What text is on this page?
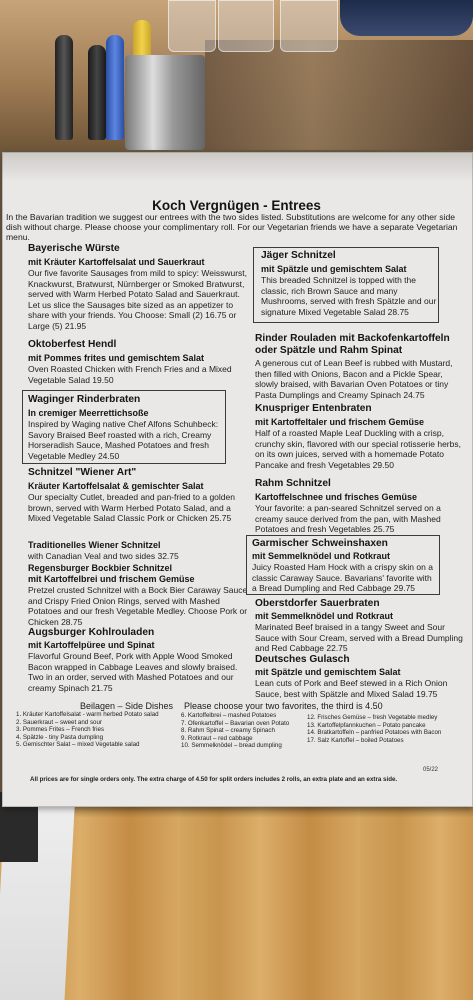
Koch Vergnügen - Entrees
In the Bavarian tradition we suggest our entrees with the two sides listed. Substitutions are welcome for any other side dish without charge. Please choose your complimentary roll. For our Vegetarian friends we have a separate Vegetarian menu.
Bayerische Würste
mit Kräuter Kartoffelsalat und Sauerkraut
Our five favorite Sausages from mild to spicy: Weisswurst, Knackwurst, Bratwurst, Nürnberger or Smoked Bratwurst, served with Warm Herbed Potato Salad and Sauerkraut. Let us slice the Sausages bite sized as an appetizer to share with your friends. You Choose: Small (2) 16.75 or Large (5) 21.95
Oktoberfest Hendl
mit Pommes frites und gemischtem Salat
Oven Roasted Chicken with French Fries and a Mixed Vegetable Salad 19.50
Waginger Rinderbraten
In cremiger Meerrettichsoße
Inspired by Waging native Chef Alfons Schuhbeck: Savory Braised Beef roasted with a rich, Creamy Horseradish Sauce, Mashed Potatoes and fresh Vegetable Medley 24.50
Schnitzel "Wiener Art"
Kräuter Kartoffelsalat & gemischter Salat
Our specialty Cutlet, breaded and pan-fried to a golden brown, served with Warm Herbed Potato Salad, and a Mixed Vegetable Salad Classic Pork or Chicken 25.75
Traditionelles Wiener Schnitzel
with Canadian Veal and two sides 32.75
Regensburger Bockbier Schnitzel
mit Kartoffelbrei und frischem Gemüse
Pretzel crusted Schnitzel with a Bock Bier Caraway Sauce and Crispy Fried Onion Rings, served with Mashed Potatoes and our fresh Vegetable Medley. Choose Pork or Chicken 28.75
Augsburger Kohlrouladen
mit Kartoffelpüree und Spinat
Flavorful Ground Beef, Pork with Apple Wood Smoked Bacon wrapped in Cabbage Leaves and slowly braised. Two in an order, served with Mashed Potatoes and our creamy Spinach 21.75
Jäger Schnitzel
mit Spätzle und gemischtem Salat
This breaded Schnitzel is topped with the classic, rich Brown Sauce and many Mushrooms, served with fresh Spätzle and our signature Mixed Vegetable Salad 28.75
Rinder Rouladen mit Backofenkartoffeln oder Spätzle und Rahm Spinat
A generous cut of Lean Beef is rubbed with Mustard, then filled with Onions, Bacon and a Pickle Spear, slowly braised, with Bavarian Oven Potatoes or tiny Pasta Dumplings and Creamy Spinach 24.75
Knuspriger Entenbraten
mit Kartoffeltaler und frischem Gemüse
Half of a roasted Maple Leaf Duckling with a crisp, crunchy skin, flavored with our special rotisserie herbs, on its own juices, served with a homemade Potato Pancake and fresh Vegetables 29.50
Rahm Schnitzel
Kartoffelschnee und frisches Gemüse
Your favorite: a pan-seared Schnitzel served on a creamy sauce derived from the pan, with Mashed Potatoes and fresh Vegetables 25.75
Garmischer Schweinshaxen
mit Semmelknödel und Rotkraut
Juicy Roasted Ham Hock with a crispy skin on a classic Caraway Sauce. Bavarians' favorite with a Bread Dumpling and Red Cabbage 29.75
Oberstdorfer Sauerbraten
mit Semmelknödel und Rotkraut
Marinated Beef braised in a tangy Sweet and Sour Sauce with Sour Cream, served with a Bread Dumpling and Red Cabbage 22.75
Deutsches Gulasch
mit Spätzle und gemischtem Salat
Lean cuts of Pork and Beef stewed in a Rich Onion Sauce, best with Spätzle and Mixed Salad 19.75
Beilagen – Side Dishes Please choose your two favorites, the third is 4.50
1. Kräuter Kartoffelsalat - warm herbed Potato salad
2. Sauerkraut – sweet and sour
3. Pommes Frites – French fries
4. Spätzle - tiny Pasta dumpling
5. Gemischter Salat – mixed Vegetable salad
6. Kartoffelbrei – mashed Potatoes
7. Ofenkartoffel – Bavarian oven Potato
8. Rahm Spinat – creamy Spinach
9. Rotkraut – red cabbage
10. Semmelknödel – bread dumpling
12. Frisches Gemüse – fresh Vegetable medley
13. Kartoffelpfannkuchen – Potato pancake
14. Bratkartoffeln – panfried Potatoes with Bacon
17. Salz Kartoffel – boiled Potatoes
05/22
All prices are for single orders only. The extra charge of 4.50 for split orders includes 2 rolls, an extra plate and an extra side.
